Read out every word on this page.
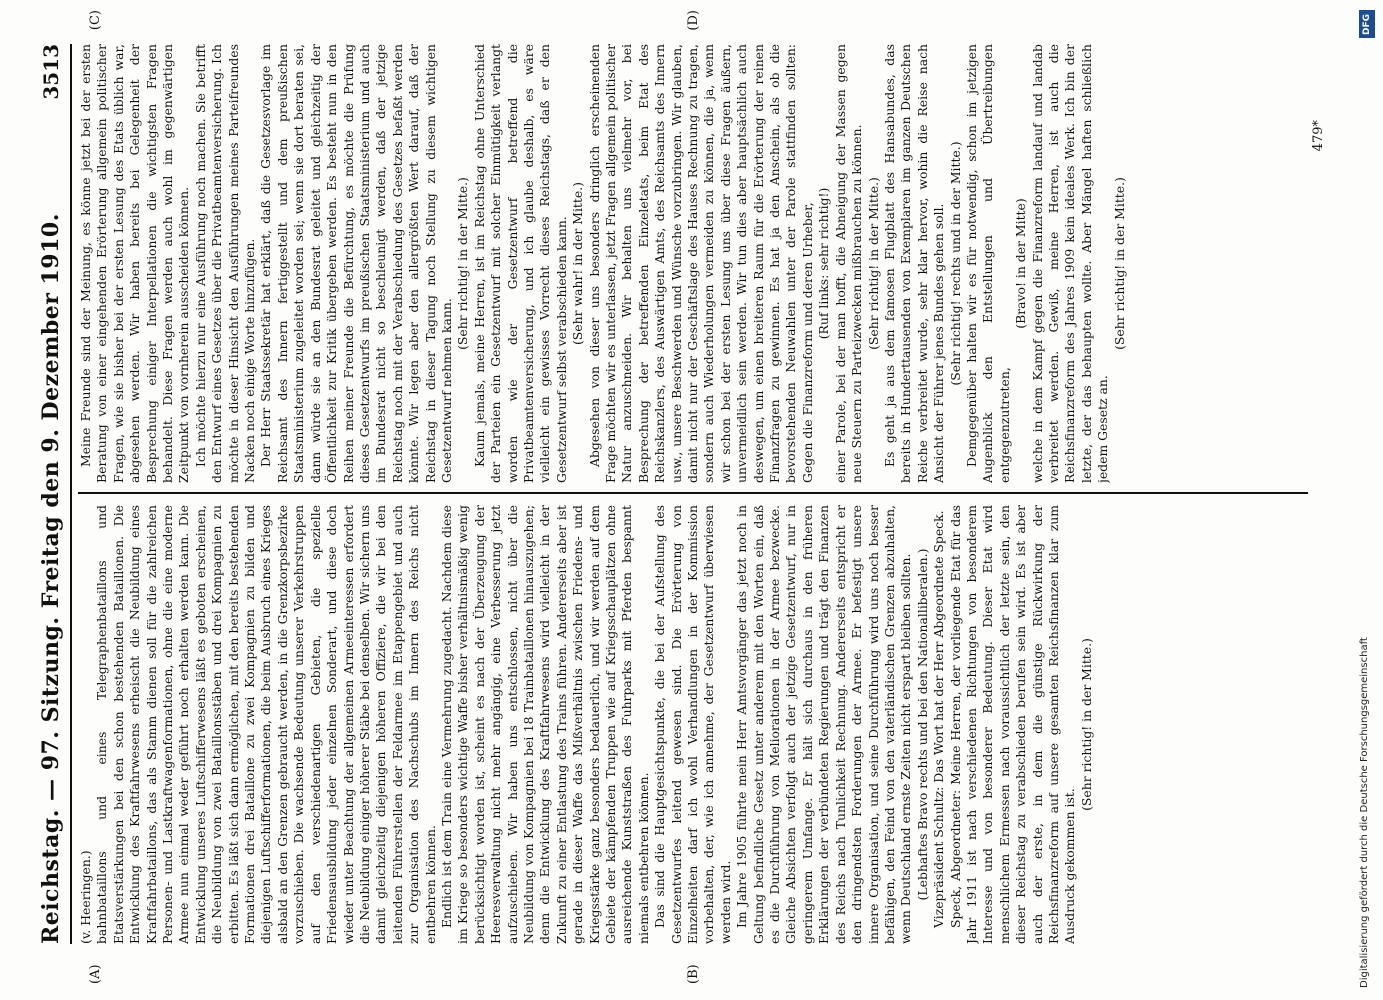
Reichstag. — 97. Sitzung. Freitag den 9. Dezember 1910.
3513

(v. Heeringen.) bahnbataillons und eines Telegraphenbataillons und Etatsverstärkungen bei den schon bestehenden Bataillonen. Die Entwicklung des Kraftfahrwesens erheischt die Neubildung eines Kraftfahrbataillons, das als Stamm dienen soll für die zahlreichen Personen- und Lastkraftwagenformationen, ohne die eine moderne Armee nun einmal weder geführt noch erhalten werden kann. Die Entwicklung unseres Luftschifferwesens läßt es geboten erscheinen, die Neubildung von zwei Bataillonsstäben und drei Kompagnien zu erbitten. Es läßt sich dann ermöglichen, mit den bereits bestehenden Formationen drei Bataillone zu zwei Kompagnien zu bilden und diejenigen Luftschifferformationen, die beim Ausbruch eines Krieges alsbald an den Grenzen gebraucht werden, in die Grenzkorpsbezirke vorzuschieben. Die wachsende Bedeutung unserer Verkehrstruppen auf den verschiedenartigen Gebieten, die spezielle Friedensausbildung jeder einzelnen Sonderart, und diese doch wieder unter Beachtung der allgemeinen Armeeinteressen erfordert die Neubildung einiger höherer Stäbe bei denselben. Wir sichern uns damit gleichzeitig diejenigen höheren Offiziere, die wir bei den leitenden Führerstellen der Feldarmee im Etappengebiet und auch zur Organisation des Nachschubs im Innern des Reichs nicht entbehren können. Endlich ist dem Train eine Vermehrung zugedacht. Nachdem diese im Kriege so besonders wichtige Waffe bisher verhältnismäßig wenig berücksichtigt worden ist, scheint es nach der Überzeugung der Heeresverwaltung nicht mehr angängig, eine Verbesserung jetzt aufzuschieben. Wir haben uns entschlossen, nicht über die Neubildung von Kompagnien bei 18 Trainbataillonen hinauszugehen; denn die Entwicklung des Kraftfahrwesens wird vielleicht in der Zukunft zu einer Entlastung des Trains führen. Andererseits aber ist gerade in dieser Waffe das Mißverhältnis zwischen Friedens- und Kriegsstärke ganz besonders bedauerlich, und wir werden auf dem Gebiete der kämpfenden Truppen wie auf Kriegsschauplätzen ohne ausreichende Kunststraßen des Fuhrparks mit Pferden bespannt niemals entbehren können. Das sind die Hauptgesichtspunkte, die bei der Aufstellung des Gesetzentwurfes leitend gewesen sind. Die Erörterung von Einzelheiten darf ich wohl Verhandlungen in der Kommission vorbehalten, der, wie ich annehme, der Gesetzentwurf überwiesen werden wird. Im Jahre 1905 führte mein Herr Amtsvorgänger das jetzt noch in Geltung befindliche Gesetz unter anderem mit den Worten ein, daß es die Durchführung von Meliorationen in der Armee bezwecke. Gleiche Absichten verfolgt auch der jetzige Gesetzentwurf, nur in geringerem Umfange. Er hält sich durchaus in den früheren Erklärungen der verbündeten Regierungen und trägt den Finanzen des Reichs nach Tunlichkeit Rechnung. Andererseits entspricht er den dringendsten Forderungen der Armee. Er befestigt unsere innere Organisation, und seine Durchführung wird uns noch besser befähigen, den Feind von den vaterländischen Grenzen abzuhalten, wenn Deutschland ernste Zeiten nicht erspart bleiben sollten. (Lebhaftes Bravo rechts und bei den Nationalliberalen.) Vizepräsident Schultz: Das Wort hat der Herr Abgeordnete Speck. Speck, Abgeordneter: Meine Herren, der vorliegende Etat für das Jahr 1911 ist nach verschiedenen Richtungen von besonderem Interesse und von besonderer Bedeutung. Dieser Etat wird menschlichem Ermessen nach voraussichtlich der letzte sein, den dieser Reichstag zu verabschieden berufen sein wird. Es ist aber auch der erste, in dem die günstige Rückwirkung der Reichsfinanzreform auf unsere gesamten Reichsfinanzen klar zum Ausdruck gekommen ist.

(Sehr richtig! in der Mitte.)

Meine Freunde sind der Meinung, es könne jetzt bei der ersten Beratung von einer eingehenden Erörterung allgemein politischer Fragen, wie sie bisher bei der ersten Lesung des Etats üblich war, abgesehen werden. Wir haben bereits bei Gelegenheit der Besprechung einiger Interpellationen die wichtigsten Fragen behandelt. Diese Fragen werden auch wohl im gegenwärtigen Zeitpunkt von vornherein ausscheiden können. Ich möchte hierzu nur eine Ausführung noch machen. Sie betrifft den Entwurf eines Gesetzes über die Privatbeamtenversicherung. Ich möchte in dieser Hinsicht den Ausführungen meines Parteifreundes Nacken noch einige Worte hinzufügen. Der Herr Staatssekretär hat erklärt, daß die Gesetzesvorlage im Reichsamt des Innern fertiggestellt und dem preußischen Staatsministerium zugeleitet worden sei; wenn sie dort beraten sei, dann würde sie an den Bundesrat geleitet und gleichzeitig der Öffentlichkeit zur Kritik übergeben werden. Es besteht nun in den Reihen meiner Freunde die Befürchtung, es möchte die Prüfung dieses Gesetzentwurfs im preußischen Staatsministerium und auch im Bundesrat nicht so beschleunigt werden, daß der jetzige Reichstag noch mit der Verabschiedung des Gesetzes befaßt werden könnte. Wir legen aber den allergrößten Wert darauf, daß der Reichstag in dieser Tagung noch Stellung zu diesem wichtigen Gesetzentwurf nehmen kann.

(Sehr richtig! in der Mitte.) Kaum jemals, meine Herren, ist im Reichstag ohne Unterschied der Parteien ein Gesetzentwurf mit solcher Einmütigkeit verlangt worden wie der Gesetzentwurf betreffend die Privatbeamtenversicherung, und ich glaube deshalb, es wäre vielleicht ein gewisses Vorrecht dieses Reichstags, daß er den Gesetzentwurf selbst verabschieden kann. (Sehr wahr! in der Mitte.) Abgesehen von dieser uns besonders dringlich erscheinenden Frage möchten wir es unterlassen, jetzt Fragen allgemein politischer Natur anzuschneiden. Wir behalten uns vielmehr vor, bei Besprechung der betreffenden Einzeletats, beim Etat des Reichskanzlers, des Auswärtigen Amts, des Reichsamts des Innern usw., unsere Beschwerden und Wünsche vorzubringen. Wir glauben, damit nicht nur der Geschäftslage des Hauses Rechnung zu tragen, sondern auch Wiederholungen vermeiden zu können, die ja, wenn wir schon bei der ersten Lesung uns über diese Fragen äußern, unvermeidlich sein werden. Wir tun dies aber hauptsächlich auch deswegen, um einen breiteren Raum für die Erörterung der reinen Finanzfragen zu gewinnen. Es hat ja den Anschein, als ob die bevorstehenden Neuwahlen unter der Parole stattfinden sollten: Gegen die Finanzreform und deren Urheber, (Ruf links: sehr richtig!) einer Parole, bei der man hofft, die Abneigung der Massen gegen neue Steuern zu Parteizwecken mißbrauchen zu können. (Sehr richtig! in der Mitte.) Es geht ja aus dem famosen Flugblatt des Hansabundes, das bereits in Hunderttausenden von Exemplaren im ganzen Deutschen Reiche verbreitet wurde, sehr klar hervor, wohin die Reise nach Ansicht der Führer jenes Bundes gehen soll. (Sehr richtig! rechts und in der Mitte.) Demgegenüber halten wir es für notwendig, schon im jetzigen Augenblick den Entstellungen und Übertreibungen entgegenzutreten,

(Bravo! in der Mitte) welche in dem Kampf gegen die Finanzreform landauf und landab verbreitet werden. Gewiß, meine Herren, ist auch die Reichsfinanzreform des Jahres 1909 kein ideales Werk. Ich bin der letzte, der das behaupten wollte. Aber Mängel haften schließlich jedem Gesetz an.

(Sehr richtig! in der Mitte.)

(A)	(B)
(C)	(D)
479*
DFG
Digitalisierung gefördert durch die Deutsche Forschungsgemeinschaft
